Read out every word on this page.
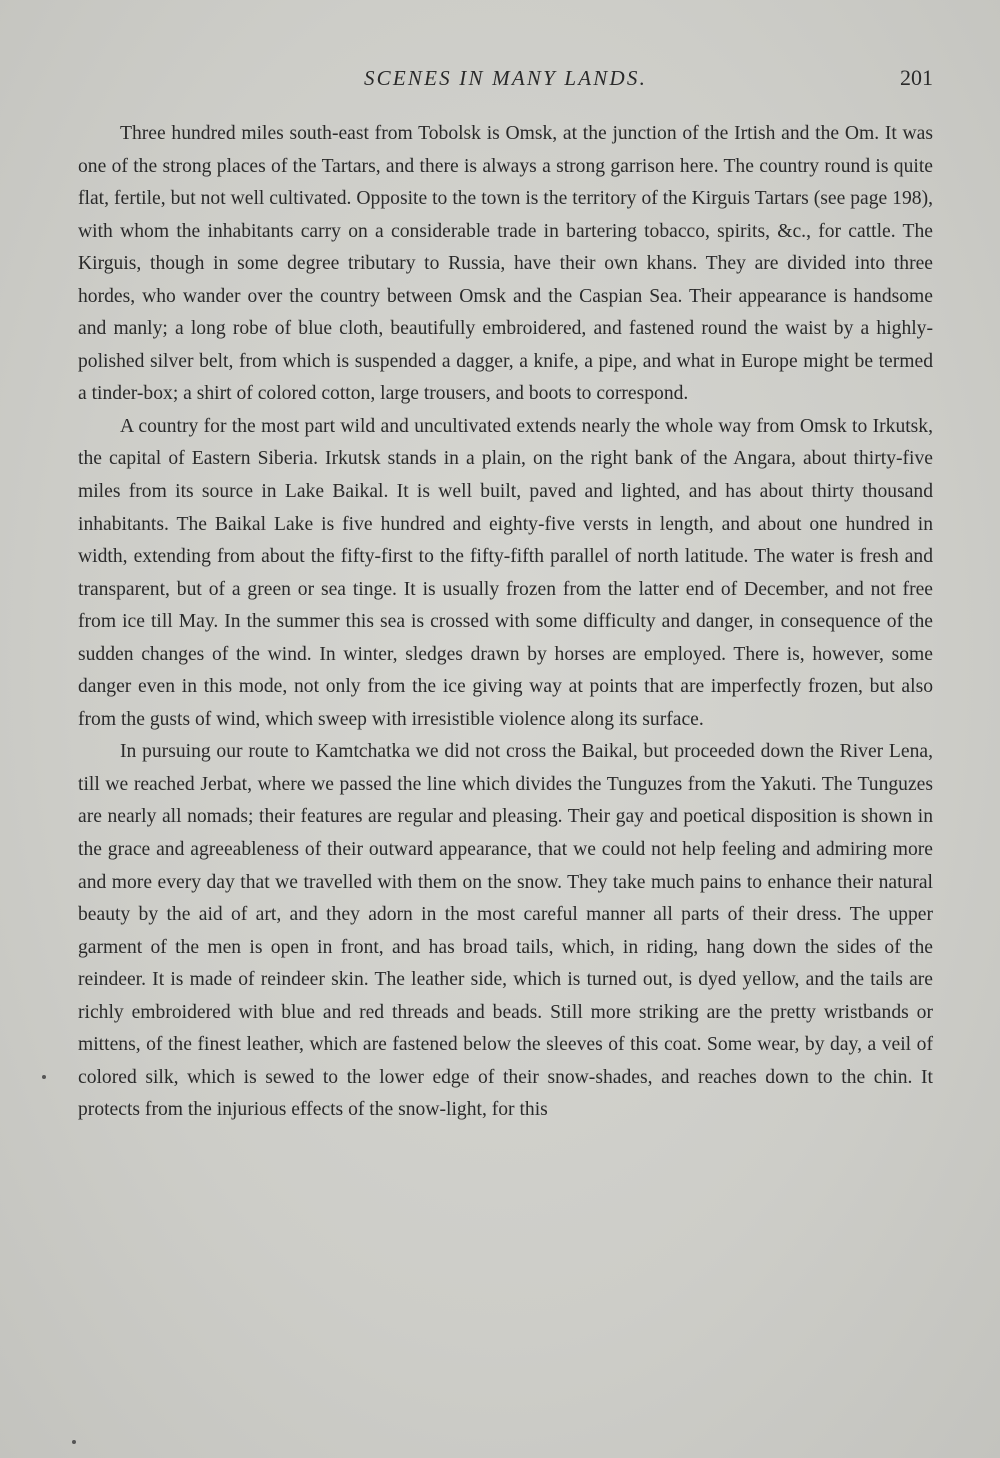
SCENES IN MANY LANDS.	201

Three hundred miles south-east from Tobolsk is Omsk, at the junction of the Irtish and the Om. It was one of the strong places of the Tartars, and there is always a strong garrison here. The country round is quite flat, fertile, but not well cultivated. Opposite to the town is the territory of the Kirguis Tartars (see page 198), with whom the inhabitants carry on a considerable trade in bartering tobacco, spirits, &c., for cattle. The Kirguis, though in some degree tributary to Russia, have their own khans. They are divided into three hordes, who wander over the country between Omsk and the Caspian Sea. Their appearance is handsome and manly; a long robe of blue cloth, beautifully embroidered, and fastened round the waist by a highly-polished silver belt, from which is suspended a dagger, a knife, a pipe, and what in Europe might be termed a tinder-box; a shirt of colored cotton, large trousers, and boots to correspond.

A country for the most part wild and uncultivated extends nearly the whole way from Omsk to Irkutsk, the capital of Eastern Siberia. Irkutsk stands in a plain, on the right bank of the Angara, about thirty-five miles from its source in Lake Baikal. It is well built, paved and lighted, and has about thirty thousand inhabitants. The Baikal Lake is five hundred and eighty-five versts in length, and about one hundred in width, extending from about the fifty-first to the fifty-fifth parallel of north latitude. The water is fresh and transparent, but of a green or sea tinge. It is usually frozen from the latter end of December, and not free from ice till May. In the summer this sea is crossed with some difficulty and danger, in consequence of the sudden changes of the wind. In winter, sledges drawn by horses are employed. There is, however, some danger even in this mode, not only from the ice giving way at points that are imperfectly frozen, but also from the gusts of wind, which sweep with irresistible violence along its surface.

In pursuing our route to Kamtchatka we did not cross the Baikal, but proceeded down the River Lena, till we reached Jerbat, where we passed the line which divides the Tunguzes from the Yakuti. The Tunguzes are nearly all nomads; their features are regular and pleasing. Their gay and poetical disposition is shown in the grace and agreeableness of their outward appearance, that we could not help feeling and admiring more and more every day that we travelled with them on the snow. They take much pains to enhance their natural beauty by the aid of art, and they adorn in the most careful manner all parts of their dress. The upper garment of the men is open in front, and has broad tails, which, in riding, hang down the sides of the reindeer. It is made of reindeer skin. The leather side, which is turned out, is dyed yellow, and the tails are richly embroidered with blue and red threads and beads. Still more striking are the pretty wristbands or mittens, of the finest leather, which are fastened below the sleeves of this coat. Some wear, by day, a veil of colored silk, which is sewed to the lower edge of their snow-shades, and reaches down to the chin. It protects from the injurious effects of the snow-light, for this
